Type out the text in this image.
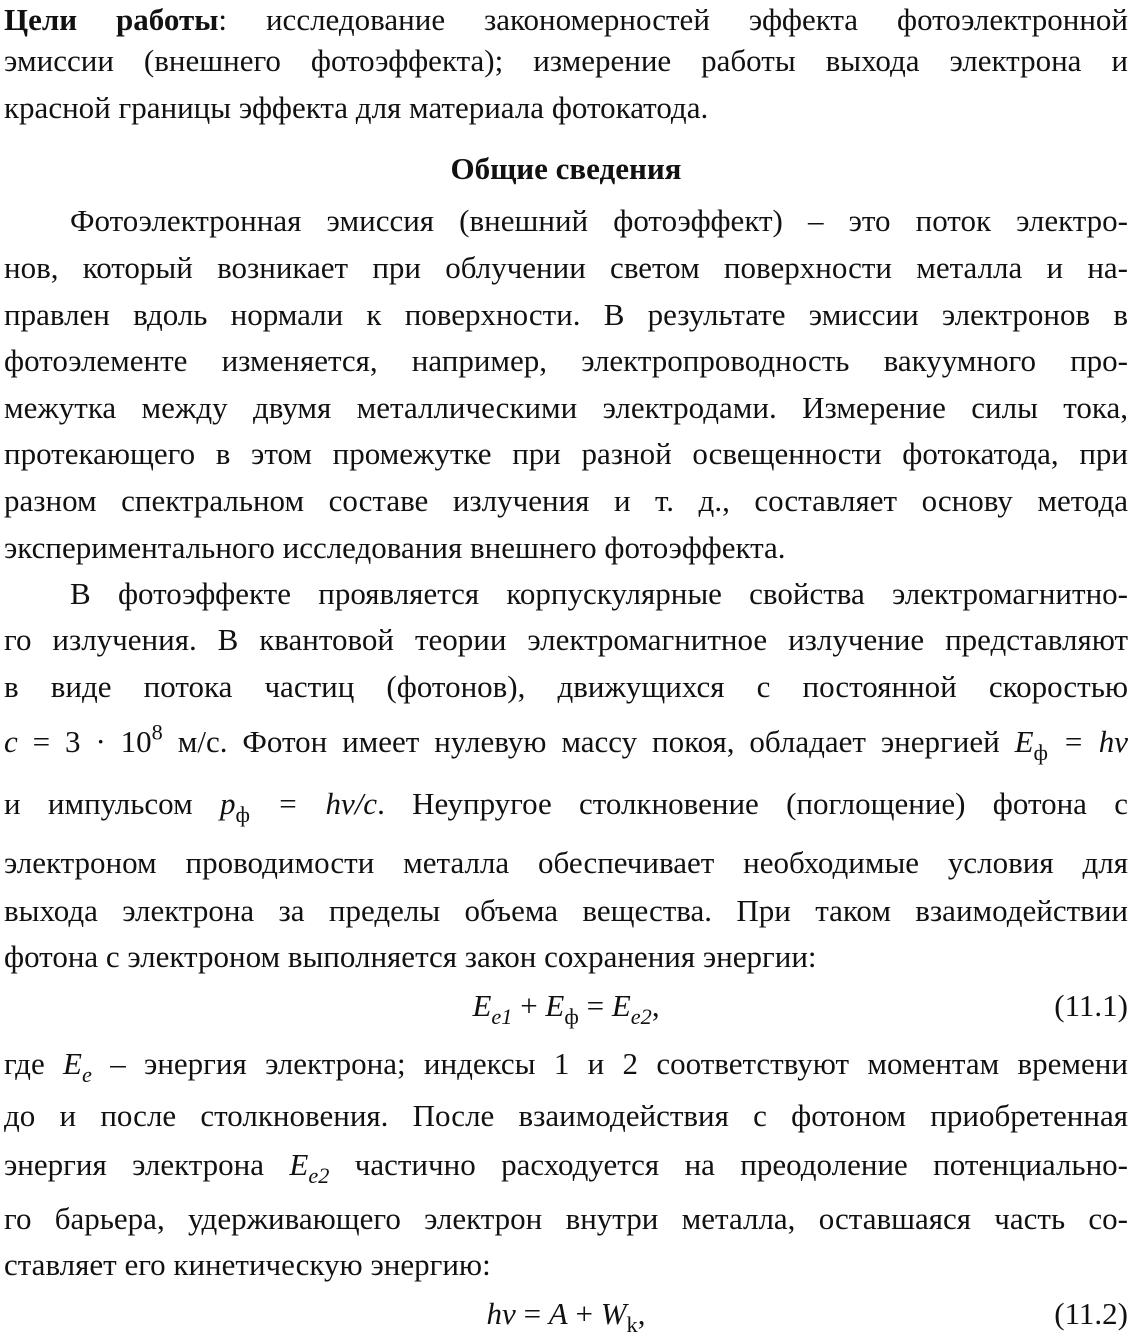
Цели работы: исследование закономерностей эффекта фотоэлектронной
эмиссии (внешнего фотоэффекта); измерение работы выхода электрона и
красной границы эффекта для материала фотокатода.
Общие сведения
Фотоэлектронная эмиссия (внешний фотоэффект) – это поток электро-
нов, который возникает при облучении светом поверхности металла и на-
правлен вдоль нормали к поверхности. В результате эмиссии электронов в
фотоэлементе изменяется, например, электропроводность вакуумного про-
межутка между двумя металлическими электродами. Измерение силы тока,
протекающего в этом промежутке при разной освещенности фотокатода, при
разном спектральном составе излучения и т. д., составляет основу метода
экспериментального исследования внешнего фотоэффекта.
В фотоэффекте проявляется корпускулярные свойства электромагнитно-
го излучения. В квантовой теории электромагнитное излучение представляют
в виде потока частиц (фотонов), движущихся с постоянной скоростью
$c = 3 \cdot 10^8$ м/с. Фотон имеет нулевую массу покоя, обладает энергией $E_ф = h\nu$
и импульсом $p_ф = h\nu/c$. Неупругое столкновение (поглощение) фотона с
электроном проводимости металла обеспечивает необходимые условия для
выхода электрона за пределы объема вещества. При таком взаимодействии
фотона с электроном выполняется закон сохранения энергии:
$E_{e1} + E_ф = E_{e2}$,	(11.1)
где $E_e$ – энергия электрона; индексы 1 и 2 соответствуют моментам времени
до и после столкновения. После взаимодействия с фотоном приобретенная
энергия электрона $E_{e2}$ частично расходуется на преодоление потенциально-
го барьера, удерживающего электрон внутри металла, оставшаяся часть со-
ставляет его кинетическую энергию:
$h\nu = A + W_k$,	(11.2)
